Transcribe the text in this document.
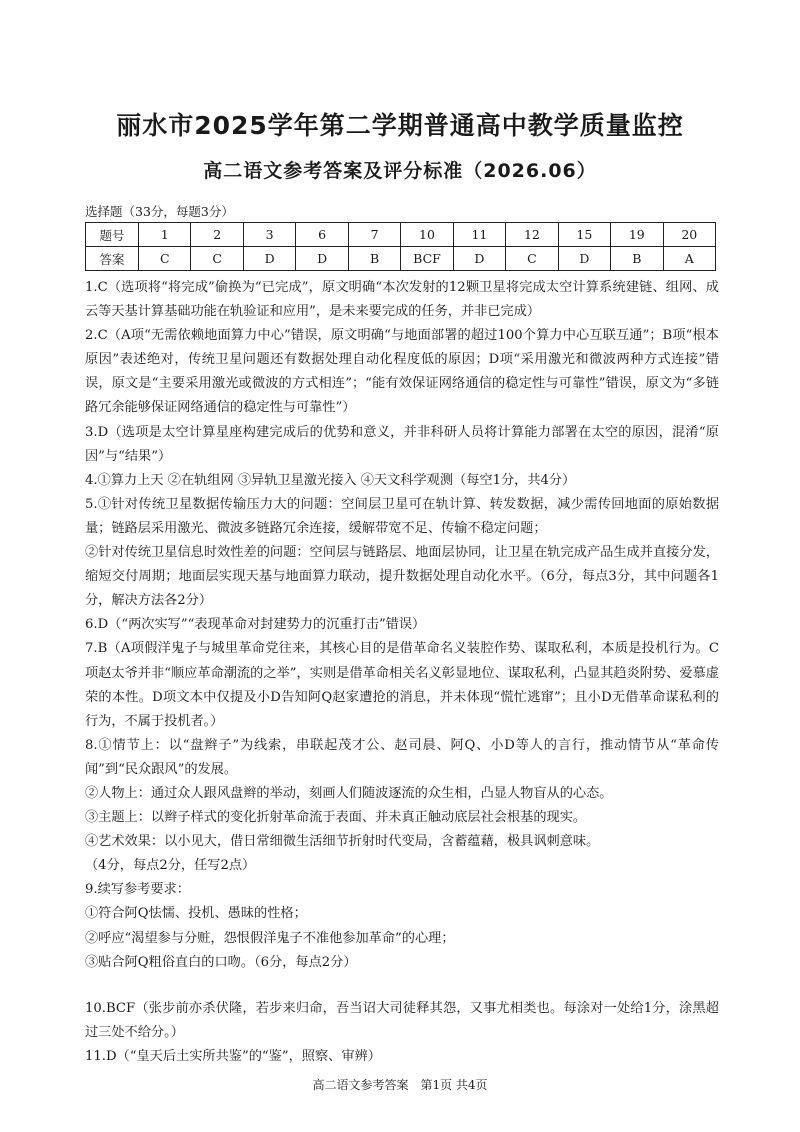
丽水市2025学年第二学期普通高中教学质量监控
高二语文参考答案及评分标准（2026.06）
选择题（33分，每题3分）
题号	1	2	3	6	7	10	11	12	15	19	20
答案	C	C	D	D	B	BCF	D	C	D	B	A

1.C（选项将“将完成”偷换为“已完成”，原文明确“本次发射的12颗卫星将完成太空计算系统建链、组网、成云等天基计算基础功能在轨验证和应用”，是未来要完成的任务，并非已完成）

2.C（A项“无需依赖地面算力中心”错误，原文明确“与地面部署的超过100个算力中心互联互通”；B项“根本原因”表述绝对，传统卫星问题还有数据处理自动化程度低的原因；D项“采用激光和微波两种方式连接”错误，原文是“主要采用激光或微波的方式相连”；“能有效保证网络通信的稳定性与可靠性”错误，原文为“多链路冗余能够保证网络通信的稳定性与可靠性”）

3.D（选项是太空计算星座构建完成后的优势和意义，并非科研人员将计算能力部署在太空的原因，混淆“原因”与“结果”）

4.①算力上天 ②在轨组网 ③异轨卫星激光接入 ④天文科学观测（每空1分，共4分）

5.①针对传统卫星数据传输压力大的问题：空间层卫星可在轨计算、转发数据，减少需传回地面的原始数据量；链路层采用激光、微波多链路冗余连接，缓解带宽不足、传输不稳定问题；

②针对传统卫星信息时效性差的问题：空间层与链路层、地面层协同，让卫星在轨完成产品生成并直接分发，缩短交付周期；地面层实现天基与地面算力联动，提升数据处理自动化水平。（6分，每点3分，其中问题各1分，解决方法各2分）

6.D（“两次实写”“表现革命对封建势力的沉重打击”错误）

7.B（A项假洋鬼子与城里革命党往来，其核心目的是借革命名义装腔作势、谋取私利，本质是投机行为。C项赵太爷并非“顺应革命潮流的之举”，实则是借革命相关名义彰显地位、谋取私利，凸显其趋炎附势、爱慕虚荣的本性。D项文本中仅提及小D告知阿Q赵家遭抢的消息，并未体现“慌忙逃窜”；且小D无借革命谋私利的行为，不属于投机者。）

8.①情节上：以“盘辫子”为线索，串联起茂才公、赵司晨、阿Q、小D等人的言行，推动情节从“革命传闻”到“民众跟风”的发展。

②人物上：通过众人跟风盘辫的举动，刻画人们随波逐流的众生相，凸显人物盲从的心态。

③主题上：以辫子样式的变化折射革命流于表面、并未真正触动底层社会根基的现实。

④艺术效果：以小见大，借日常细微生活细节折射时代变局，含蓄蕴藉，极具讽刺意味。

（4分，每点2分，任写2点）

9.续写参考要求：

①符合阿Q怯懦、投机、愚昧的性格；

②呼应“渴望参与分赃，怨恨假洋鬼子不准他参加革命”的心理；

③贴合阿Q粗俗直白的口吻。（6分，每点2分）

10.BCF（张步前亦杀伏隆，若步来归命，吾当诏大司徒释其怨，又事尤相类也。每涂对一处给1分，涂黑超过三处不给分。）

11.D（“皇天后土实所共鉴”的“鉴”，照察、审辨）

高二语文参考答案　第1页 共4页
